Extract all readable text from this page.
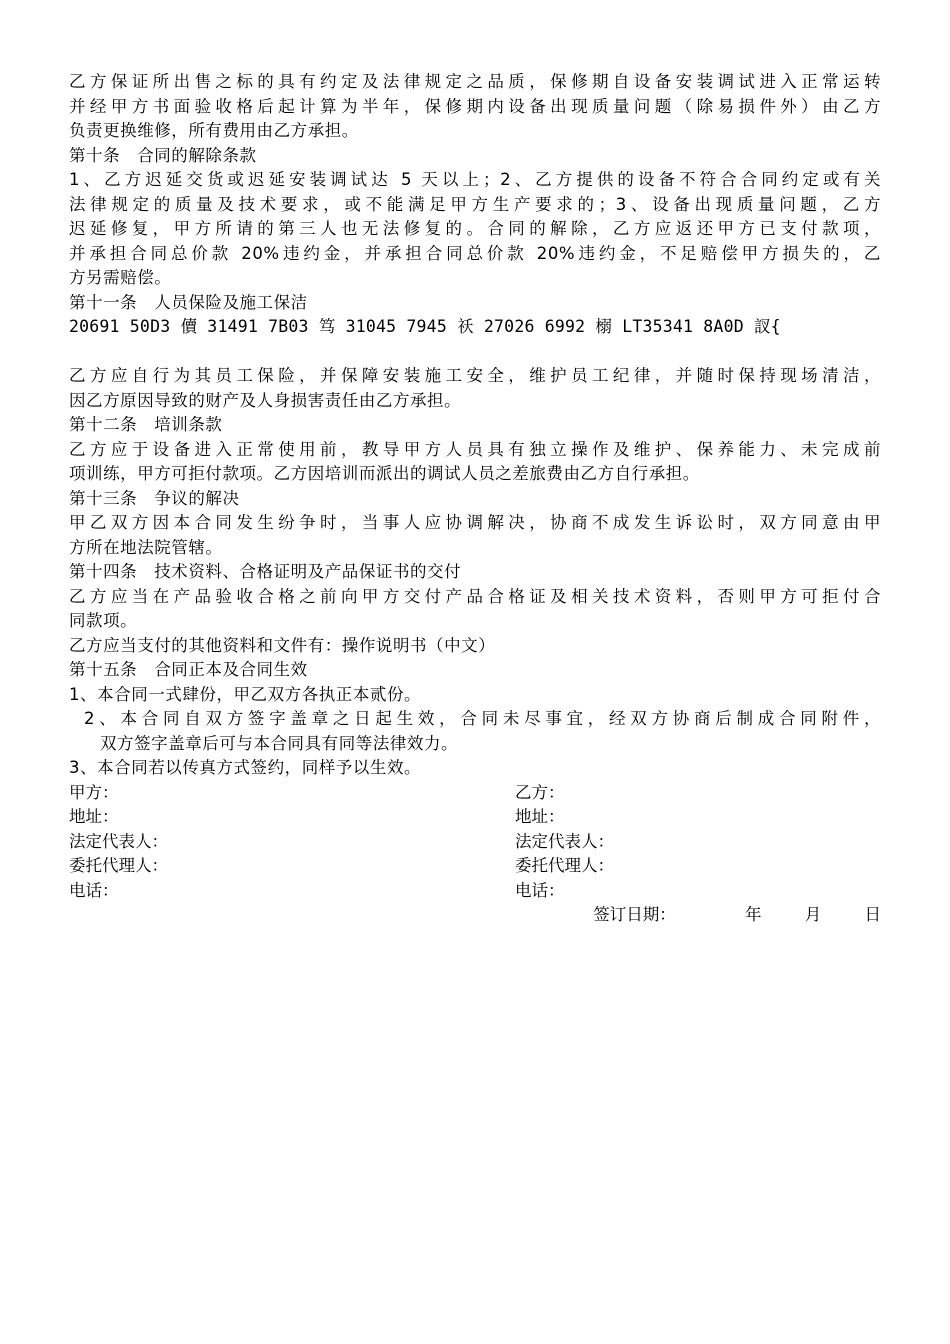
乙方保证所出售之标的具有约定及法律规定之品质，保修期自设备安装调试进入正常运转
并经甲方书面验收格后起计算为半年，保修期内设备出现质量问题（除易损件外）由乙方
负责更换维修，所有费用由乙方承担。
第十条　合同的解除条款
1、乙方迟延交货或迟延安装调试达 5 天以上；2、乙方提供的设备不符合合同约定或有关
法律规定的质量及技术要求，或不能满足甲方生产要求的；3、设备出现质量问题，乙方
迟延修复，甲方所请的第三人也无法修复的。合同的解除，乙方应返还甲方已支付款项，
并承担合同总价款 20%违约金，并承担合同总价款 20%违约金，不足赔偿甲方损失的，乙
方另需赔偿。
第十一条　人员保险及施工保洁
20691 50D3 儥 31491 7B03 笃 31045 7945 祅 27026 6992 榒 LT35341 8A0D 訍{
乙方应自行为其员工保险，并保障安装施工安全，维护员工纪律，并随时保持现场清洁，
因乙方原因导致的财产及人身损害责任由乙方承担。
第十二条　培训条款
乙方应于设备进入正常使用前，教导甲方人员具有独立操作及维护、保养能力、未完成前
项训练，甲方可拒付款项。乙方因培训而派出的调试人员之差旅费由乙方自行承担。
第十三条　争议的解决
甲乙双方因本合同发生纷争时，当事人应协调解决，协商不成发生诉讼时，双方同意由甲
方所在地法院管辖。
第十四条　技术资料、合格证明及产品保证书的交付
乙方应当在产品验收合格之前向甲方交付产品合格证及相关技术资料，否则甲方可拒付合
同款项。
乙方应当支付的其他资料和文件有：操作说明书（中文）
第十五条　合同正本及合同生效
1、本合同一式肆份，甲乙双方各执正本贰份。
2、本合同自双方签字盖章之日起生效，合同未尽事宜，经双方协商后制成合同附件，
双方签字盖章后可与本合同具有同等法律效力。
3、本合同若以传真方式签约，同样予以生效。
甲方：	乙方：
地址：	地址：
法定代表人：	法定代表人：
委托代理人：	委托代理人：
电话：	电话：
签订日期：	年	月	日
